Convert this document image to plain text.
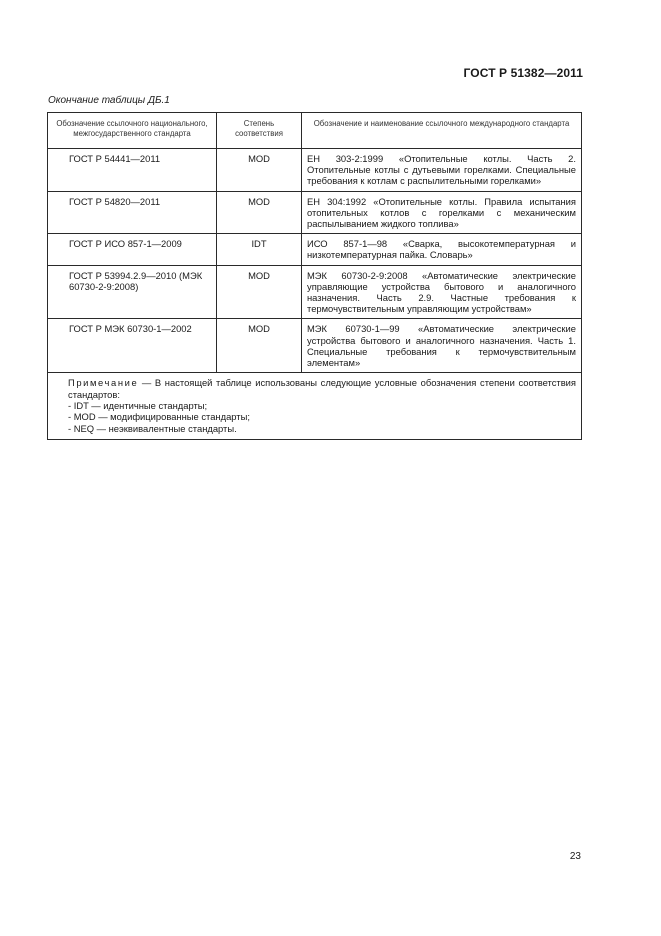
ГОСТ Р 51382—2011
Окончание таблицы ДБ.1
Обозначение ссылочного национального, межгосударственного стандарта	Степень соответствия	Обозначение и наименование ссылочного международного стандарта
ГОСТ Р 54441—2011	MOD	ЕН 303-2:1999 «Отопительные котлы. Часть 2. Отопительные котлы с дутьевыми горелками. Специальные требования к котлам с распылительными горелками»
ГОСТ Р 54820—2011	MOD	ЕН 304:1992 «Отопительные котлы. Правила испытания отопительных котлов с горелками с механическим распылыванием жидкого топлива»
ГОСТ Р ИСО 857-1—2009	IDT	ИСО 857-1—98 «Сварка, высокотемпературная и низкотемпературная пайка. Словарь»
ГОСТ Р 53994.2.9—2010 (МЭК 60730-2-9:2008)	MOD	МЭК 60730-2-9:2008 «Автоматические электрические управляющие устройства бытового и аналогичного назначения. Часть 2.9. Частные требования к термочувствительным управляющим устройствам»
ГОСТ Р МЭК 60730-1—2002	MOD	МЭК 60730-1—99 «Автоматические электрические устройства бытового и аналогичного назначения. Часть 1. Специальные требования к термочувствительным элементам»

Примечание — В настоящей таблице использованы следующие условные обозначения степени соответствия стандартов:
- IDT — идентичные стандарты;
- MOD — модифицированные стандарты;
- NEQ — неэквивалентные стандарты.		
23
